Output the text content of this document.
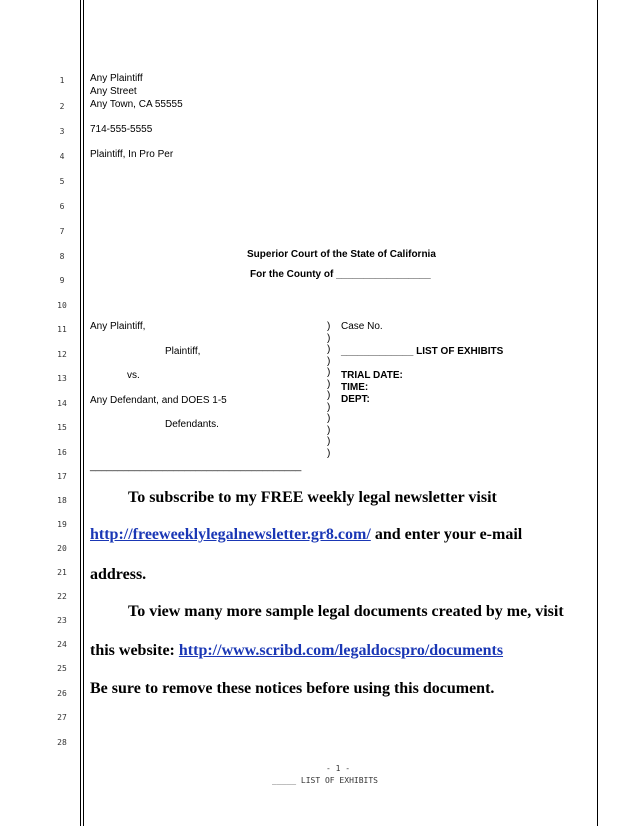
1
2
3
4
5
6
7
8
9
10
11
12
13
14
15
16
17
18
19
20
21
22
23
24
25
26
27
28
Any Plaintiff
Any Street
Any Town, CA 55555
714-555-5555
Plaintiff, In Pro Per
Superior Court of the State of California
For the County of _________________
Any Plaintiff,
Plaintiff,
vs.
Any Defendant, and DOES 1-5
Defendants.
______________________________________
)
)
)
)
)
)
)
)
)
)
)
)
Case No.
_____________ LIST OF EXHIBITS
TRIAL DATE:
TIME:
DEPT:
To subscribe to my FREE weekly legal newsletter visit
http://freeweeklylegalnewsletter.gr8.com/ and enter your e-mail
address.
To view many more sample legal documents created by me, visit
this website: http://www.scribd.com/legaldocspro/documents
Be sure to remove these notices before using this document.
- 1 -
_____ LIST OF EXHIBITS
